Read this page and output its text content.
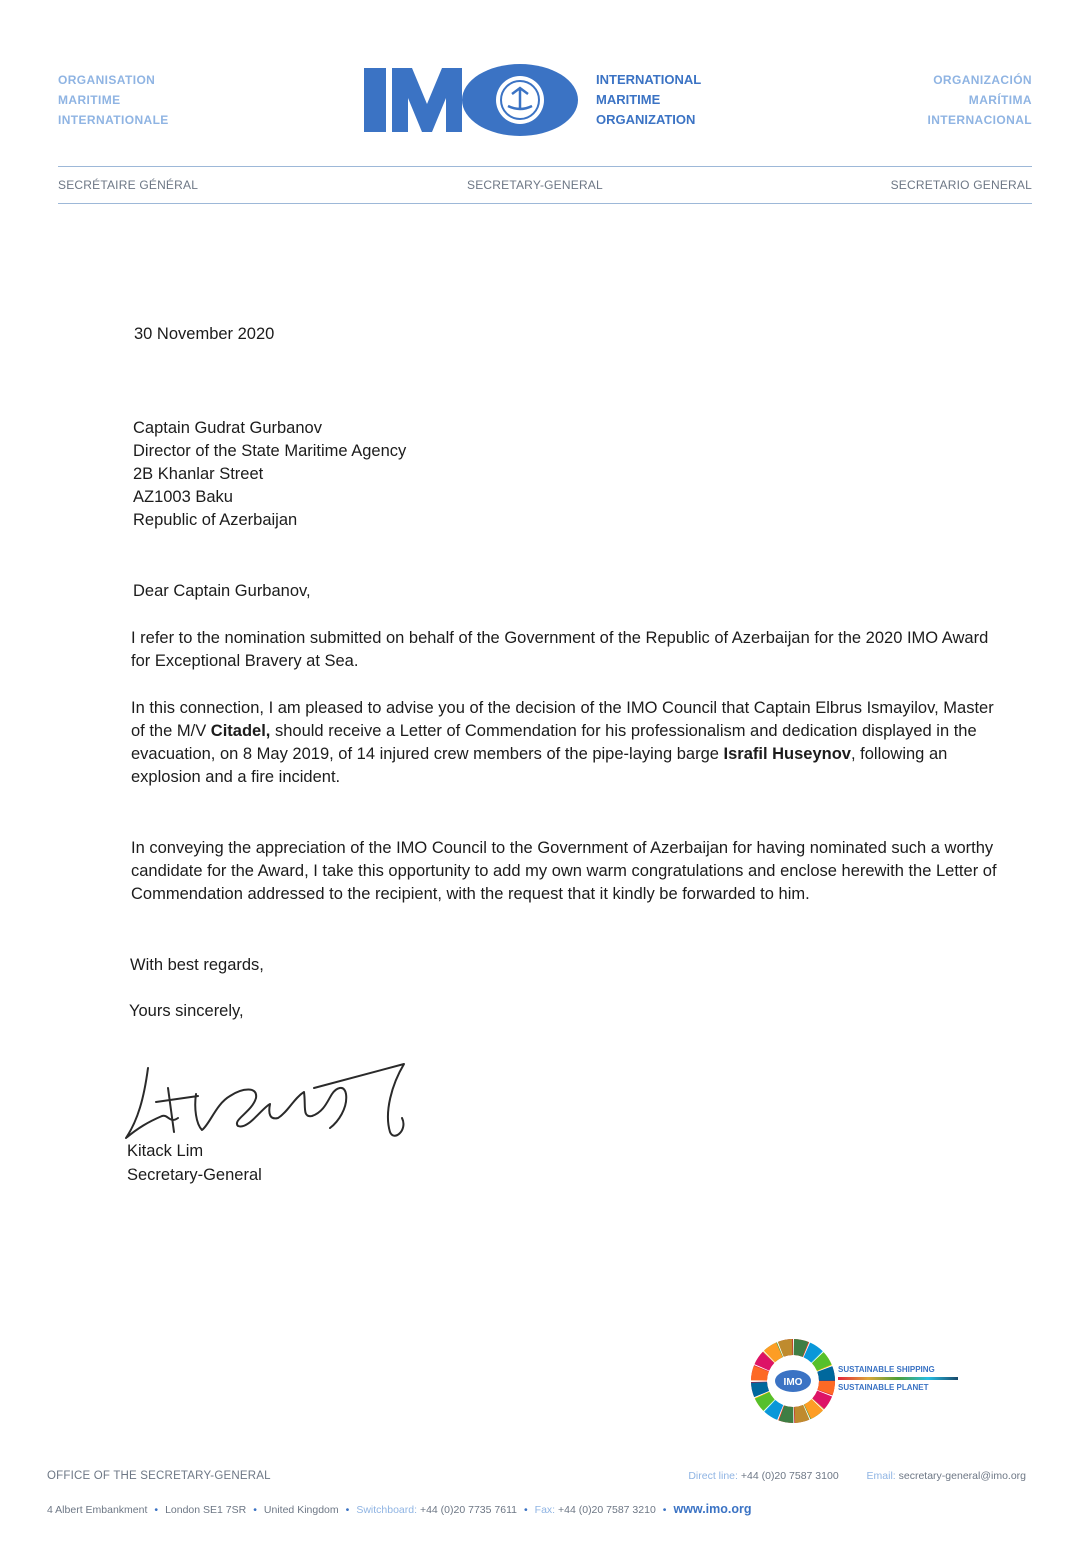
ORGANISATION
MARITIME
INTERNATIONALE
INTERNATIONAL
MARITIME
ORGANIZATION
ORGANIZACIÓN
MARÍTIMA
INTERNACIONAL
SECRÉTAIRE GÉNÉRAL	SECRETARY-GENERAL	SECRETARIO GENERAL
30 November 2020
Captain Gudrat Gurbanov
Director of the State Maritime Agency
2B Khanlar Street
AZ1003 Baku
Republic of Azerbaijan
Dear Captain Gurbanov,
I refer to the nomination submitted on behalf of the Government of the Republic of Azerbaijan for the 2020 IMO Award for Exceptional Bravery at Sea.
In this connection, I am pleased to advise you of the decision of the IMO Council that Captain Elbrus Ismayilov, Master of the M/V Citadel, should receive a Letter of Commendation for his professionalism and dedication displayed in the evacuation, on 8 May 2019, of 14 injured crew members of the pipe-laying barge Israfil Huseynov, following an explosion and a fire incident.
In conveying the appreciation of the IMO Council to the Government of Azerbaijan for having nominated such a worthy candidate for the Award, I take this opportunity to add my own warm congratulations and enclose herewith the Letter of Commendation addressed to the recipient, with the request that it kindly be forwarded to him.
With best regards,
Yours sincerely,
Kitack Lim
Secretary-General
IMO
SUSTAINABLE SHIPPING
SUSTAINABLE PLANET
OFFICE OF THE SECRETARY-GENERAL	Direct line: +44 (0)20 7587 3100	Email: secretary-general@imo.org
4 Albert Embankment • London SE1 7SR • United Kingdom • Switchboard: +44 (0)20 7735 7611 • Fax: +44 (0)20 7587 3210 • www.imo.org
